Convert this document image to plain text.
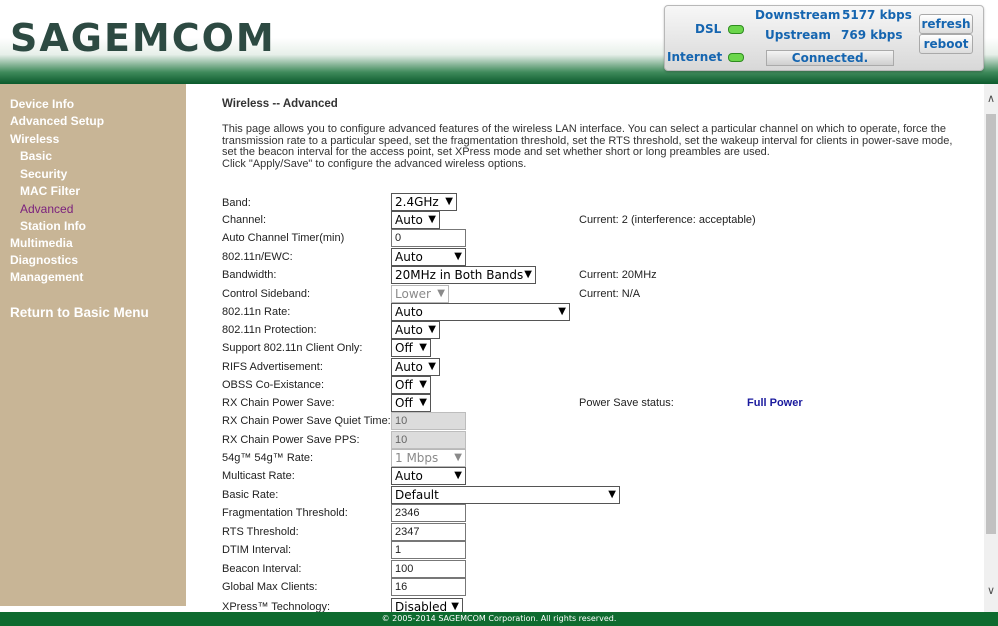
SAGEMCOM	DSL
Internet
Downstream 5177 kbps
Upstream 769 kbps
Connected.
refresh
reboot
Device Info
Advanced Setup
Wireless
Basic
Security
MAC Filter
Advanced
Station Info
Multimedia
Diagnostics
Management
Return to Basic Menu
Wireless -- Advanced
This page allows you to configure advanced features of the wireless LAN interface. You can select a particular channel on which to operate, force the transmission rate to a particular speed, set the fragmentation threshold, set the RTS threshold, set the wakeup interval for clients in power-save mode, set the beacon interval for the access point, set XPress mode and set whether short or long preambles are used.
Click "Apply/Save" to configure the advanced wireless options.
Band:	2.4GHz ▼
Channel:	Auto ▼	Current: 2 (interference: acceptable)
Auto Channel Timer(min)	0
802.11n/EWC:	Auto	▼
Bandwidth:	20MHz in Both Bands ▼	Current: 20MHz
Control Sideband:	Lower ▼	Current: N/A
802.11n Rate:	Auto	▼
802.11n Protection:	Auto ▼
Support 802.11n Client Only:	Off ▼
RIFS Advertisement:	Auto ▼
OBSS Co-Existance:	Off ▼
RX Chain Power Save:	Off ▼	Power Save status:	Full Power
RX Chain Power Save Quiet Time: 10
RX Chain Power Save PPS:	10
54g™ 54g™ Rate:	1 Mbps ▼
Multicast Rate:	Auto	▼
Basic Rate:	Default	▼
Fragmentation Threshold:	2346
RTS Threshold:	2347
DTIM Interval:	1
Beacon Interval:	100
Global Max Clients:	16
XPress™ Technology:	Disabled ▼
∧
∨
© 2005-2014 SAGEMCOM Corporation. All rights reserved.
